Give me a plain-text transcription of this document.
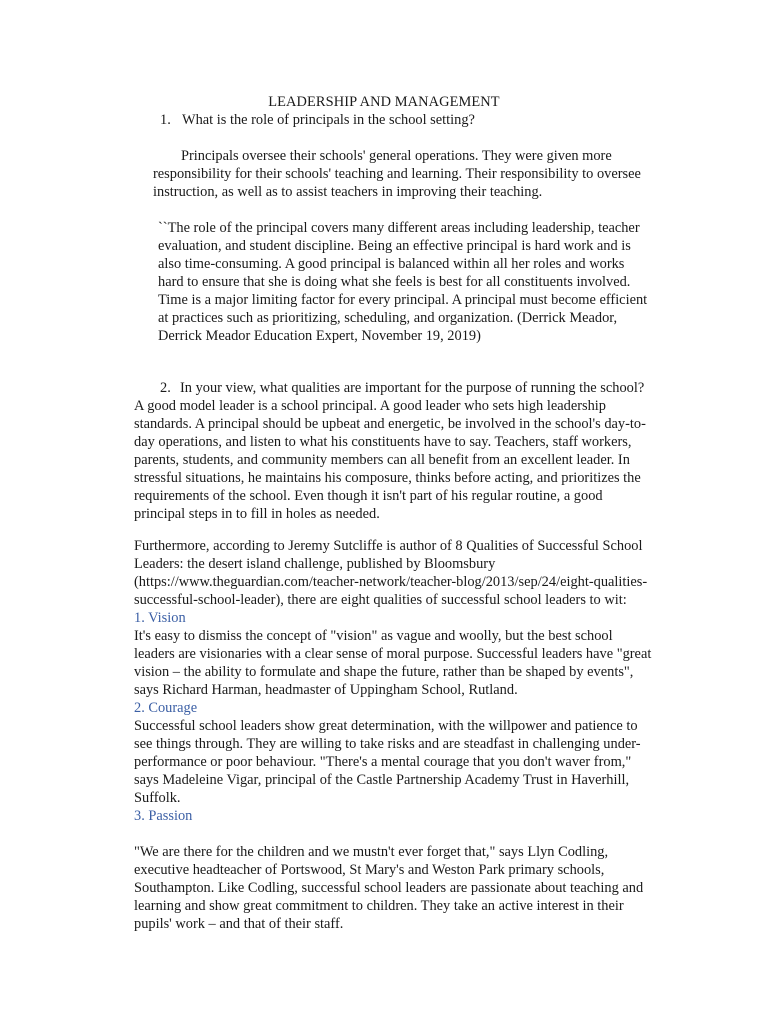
LEADERSHIP AND MANAGEMENT
1. What is the role of principals in the school setting?
Principals oversee their schools' general operations. They were given more
responsibility for their schools' teaching and learning. Their responsibility to oversee
instruction, as well as to assist teachers in improving their teaching.
``The role of the principal covers many different areas including leadership, teacher
evaluation, and student discipline. Being an effective principal is hard work and is
also time-consuming. A good principal is balanced within all her roles and works
hard to ensure that she is doing what she feels is best for all constituents involved.
Time is a major limiting factor for every principal. A principal must become efficient
at practices such as prioritizing, scheduling, and organization. (Derrick Meador,
Derrick Meador Education Expert, November 19, 2019)
2. In your view, what qualities are important for the purpose of running the school?
A good model leader is a school principal. A good leader who sets high leadership
standards. A principal should be upbeat and energetic, be involved in the school's day-to-
day operations, and listen to what his constituents have to say. Teachers, staff workers,
parents, students, and community members can all benefit from an excellent leader. In
stressful situations, he maintains his composure, thinks before acting, and prioritizes the
requirements of the school. Even though it isn't part of his regular routine, a good
principal steps in to fill in holes as needed.
Furthermore, according to Jeremy Sutcliffe is author of 8 Qualities of Successful School
Leaders: the desert island challenge, published by Bloomsbury
(https://www.theguardian.com/teacher-network/teacher-blog/2013/sep/24/eight-qualities-
successful-school-leader), there are eight qualities of successful school leaders to wit:
1. Vision
It's easy to dismiss the concept of "vision" as vague and woolly, but the best school
leaders are visionaries with a clear sense of moral purpose. Successful leaders have "great
vision – the ability to formulate and shape the future, rather than be shaped by events",
says Richard Harman, headmaster of Uppingham School, Rutland.
2. Courage
Successful school leaders show great determination, with the willpower and patience to
see things through. They are willing to take risks and are steadfast in challenging under-
performance or poor behaviour. "There's a mental courage that you don't waver from,"
says Madeleine Vigar, principal of the Castle Partnership Academy Trust in Haverhill,
Suffolk.
3. Passion
"We are there for the children and we mustn't ever forget that," says Llyn Codling,
executive headteacher of Portswood, St Mary's and Weston Park primary schools,
Southampton. Like Codling, successful school leaders are passionate about teaching and
learning and show great commitment to children. They take an active interest in their
pupils' work – and that of their staff.
